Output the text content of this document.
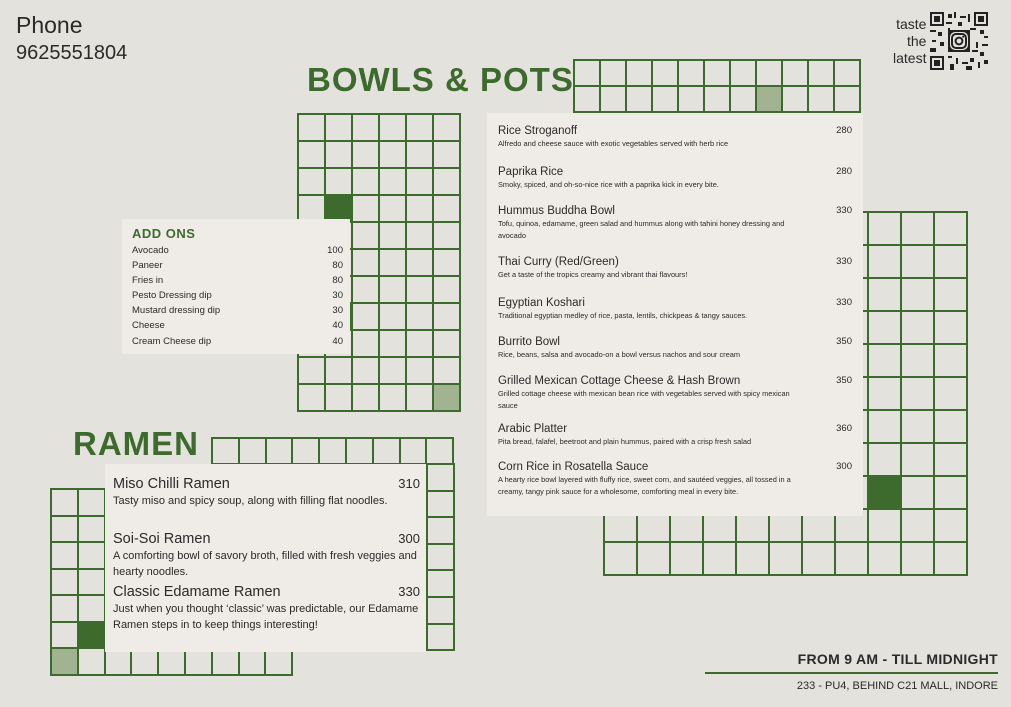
Phone
9625551804
taste
the
latest
BOWLS & POTS
ADD ONS
Avocado	100
Paneer	80
Fries in	80
Pesto Dressing dip	30
Mustard dressing dip	30
Cheese	40
Cream Cheese dip	40
Rice Stroganoff	280
Alfredo and cheese sauce with exotic vegetables served with herb rice
Paprika Rice	280
Smoky, spiced, and oh-so-nice rice with a paprika kick in every bite.
Hummus Buddha Bowl	330
Tofu, quinoa, edamame, green salad and hummus along with tahini honey dressing and avocado
Thai Curry (Red/Green)	330
Get a taste of the tropics creamy and vibrant thai flavours!
Egyptian Koshari	330
Traditional egyptian medley of rice, pasta, lentils, chickpeas & tangy sauces.
Burrito Bowl	350
Rice, beans, salsa and avocado-on a bowl versus nachos and sour cream
Grilled Mexican Cottage Cheese & Hash Brown	350
Grilled cottage cheese with mexican bean rice with vegetables served with spicy mexican sauce
Arabic Platter	360
Pita bread, falafel, beetroot and plain hummus, paired with a crisp fresh salad
Corn Rice in Rosatella Sauce	300
A hearty rice bowl layered with fluffy rice, sweet corn, and sautéed veggies, all tossed in a creamy, tangy pink sauce for a wholesome, comforting meal in every bite.
RAMEN
Miso Chilli Ramen	310
Tasty miso and spicy soup, along with filling flat noodles.
Soi-Soi Ramen	300
A comforting bowl of savory broth, filled with fresh veggies and hearty noodles.
Classic Edamame Ramen	330
Just when you thought ‘classic’ was predictable, our Edamame Ramen steps in to keep things interesting!
FROM 9 AM - TILL MIDNIGHT
233 - PU4, BEHIND C21 MALL, INDORE
